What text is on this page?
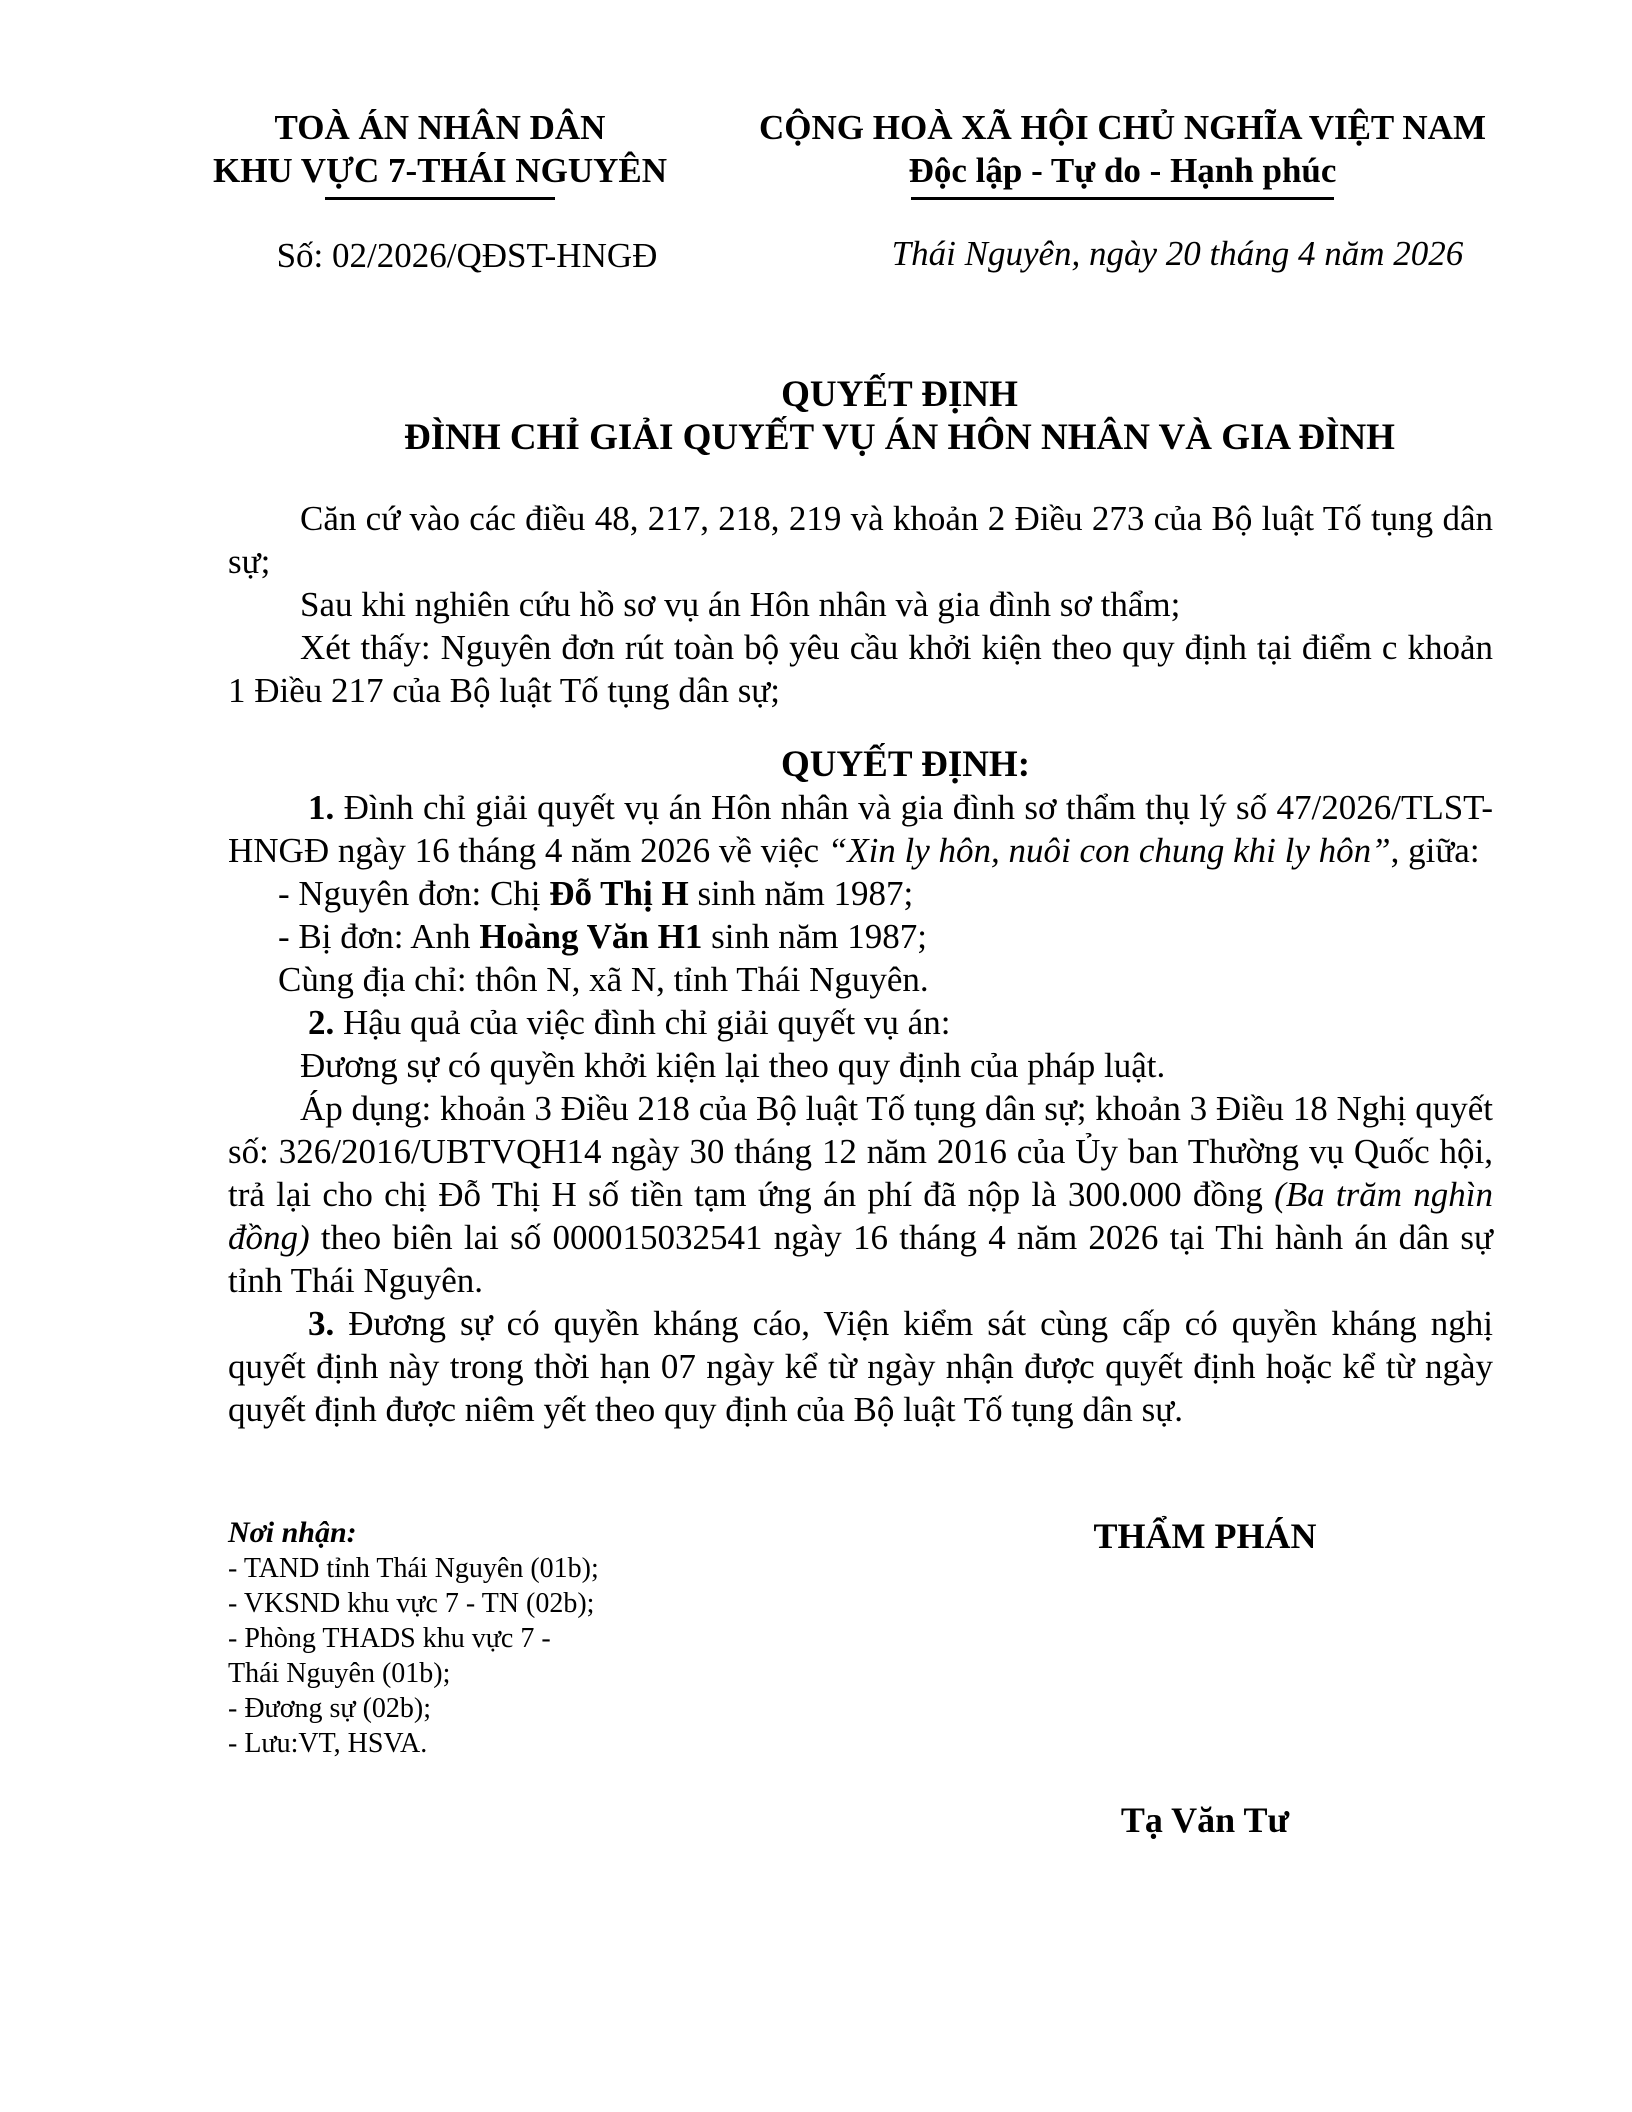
TOÀ ÁN NHÂN DÂN
KHU VỰC 7-THÁI NGUYÊN
Số: 02/2026/QĐST-HNGĐ
CỘNG HOÀ XÃ HỘI CHỦ NGHĨA VIỆT NAM
Độc lập - Tự do - Hạnh phúc
Thái Nguyên, ngày 20 tháng 4 năm 2026
QUYẾT ĐỊNH
ĐÌNH CHỈ GIẢI QUYẾT VỤ ÁN HÔN NHÂN VÀ GIA ĐÌNH

Căn cứ vào các điều 48, 217, 218, 219 và khoản 2 Điều 273 của Bộ luật Tố tụng dân sự;

Sau khi nghiên cứu hồ sơ vụ án Hôn nhân và gia đình sơ thẩm;

Xét thấy: Nguyên đơn rút toàn bộ yêu cầu khởi kiện theo quy định tại điểm c khoản 1 Điều 217 của Bộ luật Tố tụng dân sự;

QUYẾT ĐỊNH:

1. Đình chỉ giải quyết vụ án Hôn nhân và gia đình sơ thẩm thụ lý số 47/2026/TLST- HNGĐ ngày 16 tháng 4 năm 2026 về việc “Xin ly hôn, nuôi con chung khi ly hôn”, giữa:

- Nguyên đơn: Chị Đỗ Thị H sinh năm 1987;

- Bị đơn: Anh Hoàng Văn H1 sinh năm 1987;

Cùng địa chỉ: thôn N, xã N, tỉnh Thái Nguyên.

2. Hậu quả của việc đình chỉ giải quyết vụ án:

Đương sự có quyền khởi kiện lại theo quy định của pháp luật.

Áp dụng: khoản 3 Điều 218 của Bộ luật Tố tụng dân sự; khoản 3 Điều 18 Nghị quyết số: 326/2016/UBTVQH14 ngày 30 tháng 12 năm 2016 của Ủy ban Thường vụ Quốc hội, trả lại cho chị Đỗ Thị H số tiền tạm ứng án phí đã nộp là 300.000 đồng (Ba trăm nghìn đồng) theo biên lai số 000015032541 ngày 16 tháng 4 năm 2026 tại Thi hành án dân sự tỉnh Thái Nguyên.

3. Đương sự có quyền kháng cáo, Viện kiểm sát cùng cấp có quyền kháng nghị quyết định này trong thời hạn 07 ngày kể từ ngày nhận được quyết định hoặc kể từ ngày quyết định được niêm yết theo quy định của Bộ luật Tố tụng dân sự.

Nơi nhận:
- TAND tỉnh Thái Nguyên (01b);
- VKSND khu vực 7 - TN (02b);
- Phòng THADS khu vực 7 -
Thái Nguyên (01b);
- Đương sự (02b);
- Lưu:VT, HSVA.
THẨM PHÁN
Tạ Văn Tư
